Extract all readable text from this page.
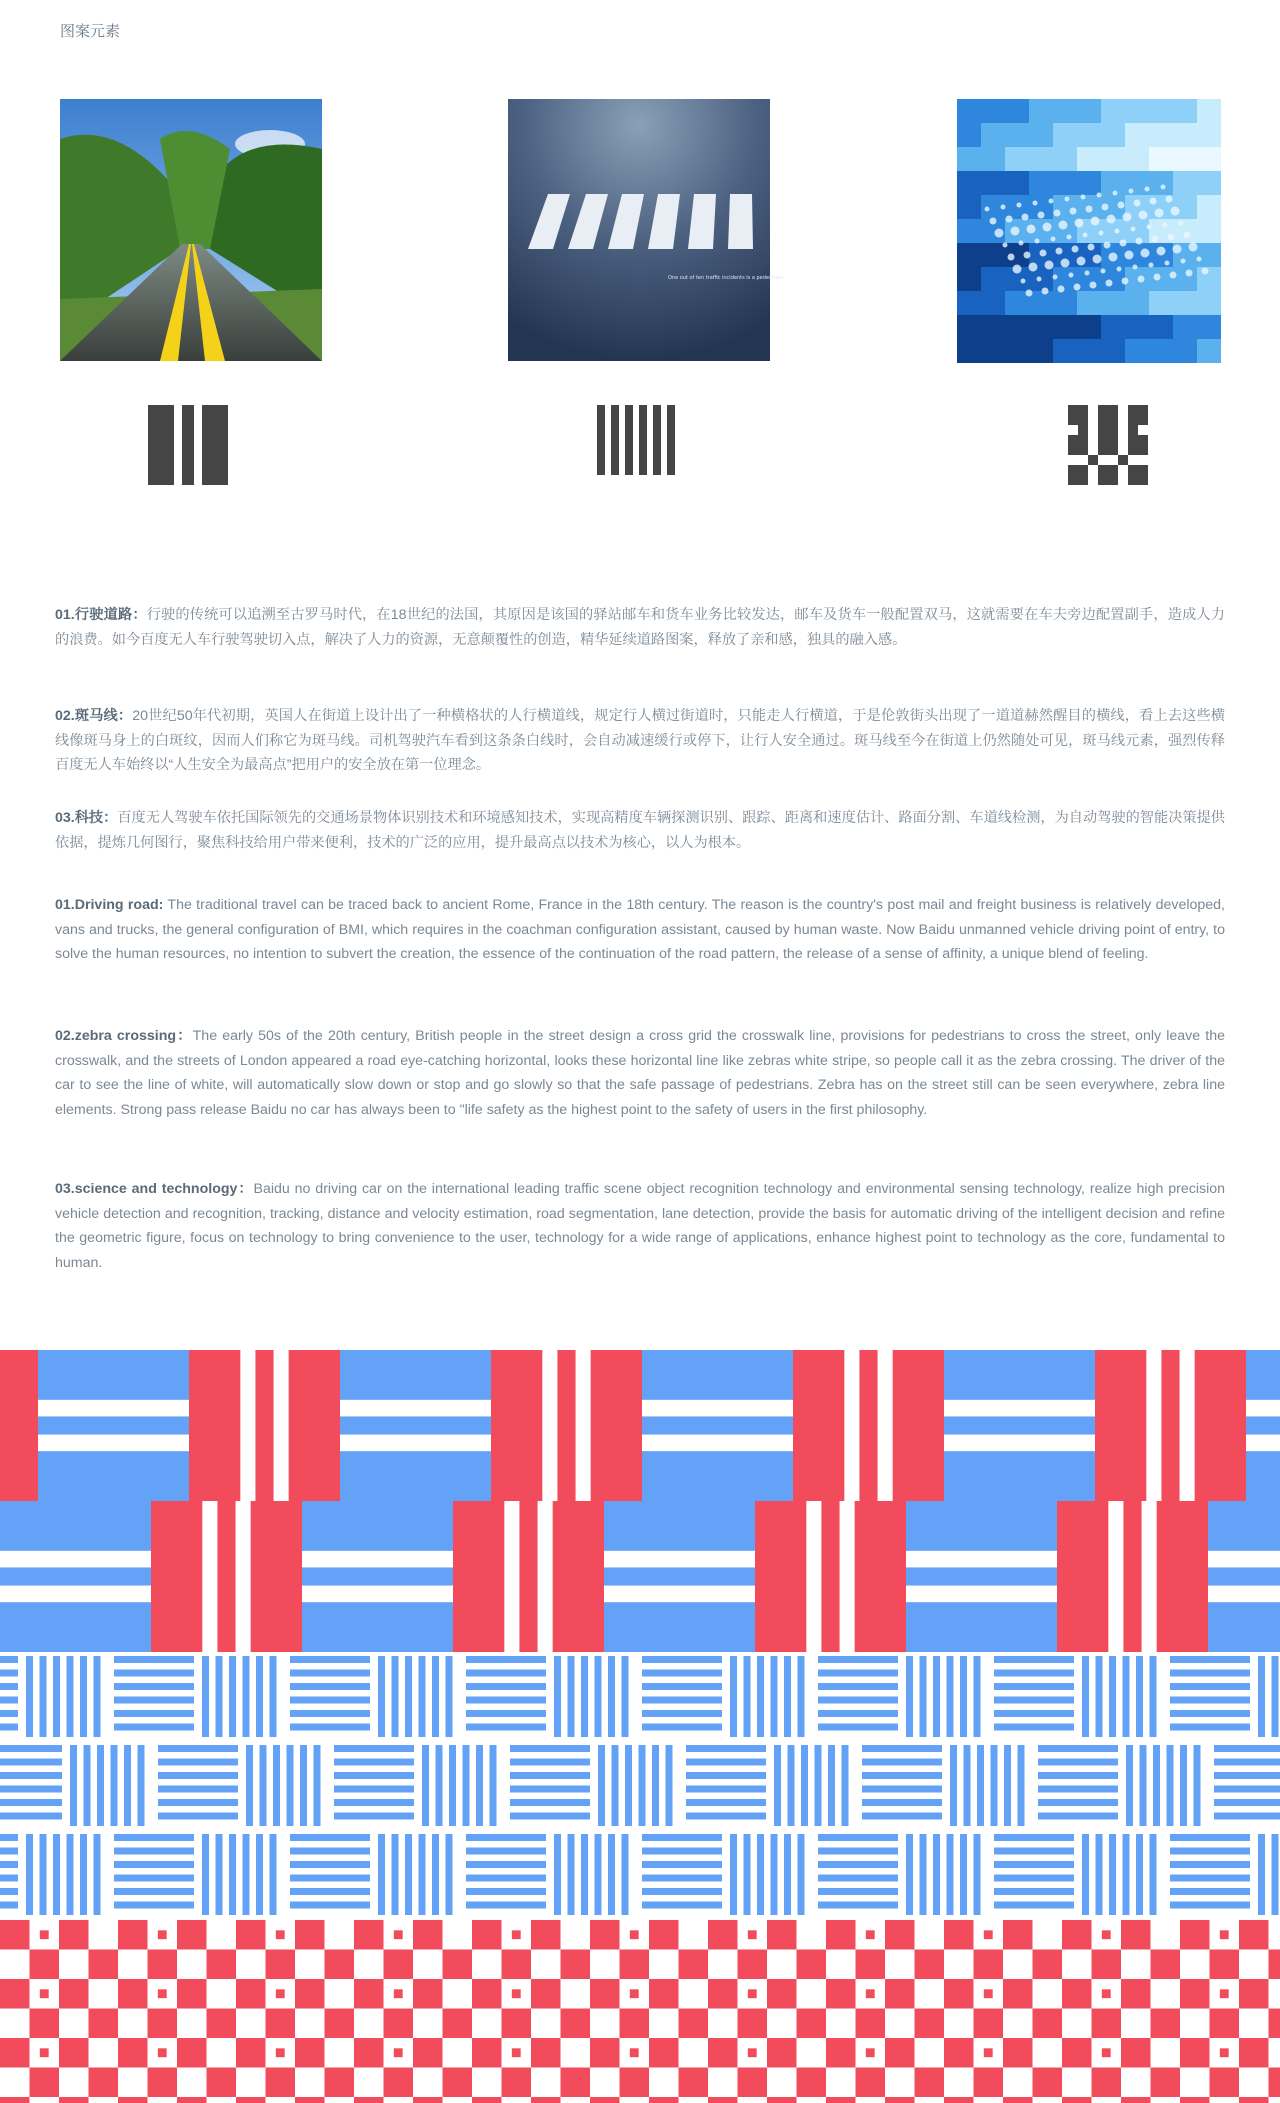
图案元素
One out of ten traffic incidents is a pedestrian.
01.行驶道路：行驶的传统可以追溯至古罗马时代，在18世纪的法国，其原因是该国的驿站邮车和货车业务比较发达，邮车及货车一般配置双马，这就需要在车夫旁边配置副手，造成人力的浪费。如今百度无人车行驶驾驶切入点，解决了人力的资源，无意颠覆性的创造，精华延续道路图案，释放了亲和感，独具的融入感。
02.斑马线：20世纪50年代初期，英国人在街道上设计出了一种横格状的人行横道线，规定行人横过街道时，只能走人行横道，于是伦敦街头出现了一道道赫然醒目的横线，看上去这些横线像斑马身上的白斑纹，因而人们称它为斑马线。司机驾驶汽车看到这条条白线时，会自动减速缓行或停下，让行人安全通过。斑马线至今在街道上仍然随处可见，斑马线元素，强烈传释百度无人车始终以“人生安全为最高点”把用户的安全放在第一位理念。
03.科技：百度无人驾驶车依托国际领先的交通场景物体识别技术和环境感知技术，实现高精度车辆探测识别、跟踪、距离和速度估计、路面分割、车道线检测，为自动驾驶的智能决策提供依据，提炼几何图行，聚焦科技给用户带来便利，技术的广泛的应用，提升最高点以技术为核心，以人为根本。
01.Driving road: The traditional travel can be traced back to ancient Rome, France in the 18th century. The reason is the country's post mail and freight business is relatively developed, vans and trucks, the general configuration of BMI, which requires in the coachman configuration assistant, caused by human waste. Now Baidu unmanned vehicle driving point of entry, to solve the human resources, no intention to subvert the creation, the essence of the continuation of the road pattern, the release of a sense of affinity, a unique blend of feeling.
02.zebra crossing：The early 50s of the 20th century, British people in the street design a cross grid the crosswalk line, provisions for pedestrians to cross the street, only leave the crosswalk, and the streets of London appeared a road eye-catching horizontal, looks these horizontal line like zebras white stripe, so people call it as the zebra crossing. The driver of the car to see the line of white, will automatically slow down or stop and go slowly so that the safe passage of pedestrians. Zebra has on the street still can be seen everywhere, zebra line elements. Strong pass release Baidu no car has always been to "life safety as the highest point to the safety of users in the first philosophy.
03.science and technology：Baidu no driving car on the international leading traffic scene object recognition technology and environmental sensing technology, realize high precision vehicle detection and recognition, tracking, distance and velocity estimation, road segmentation, lane detection, provide the basis for automatic driving of the intelligent decision and refine the geometric figure, focus on technology to bring convenience to the user, technology for a wide range of applications, enhance highest point to technology as the core, fundamental to human.
